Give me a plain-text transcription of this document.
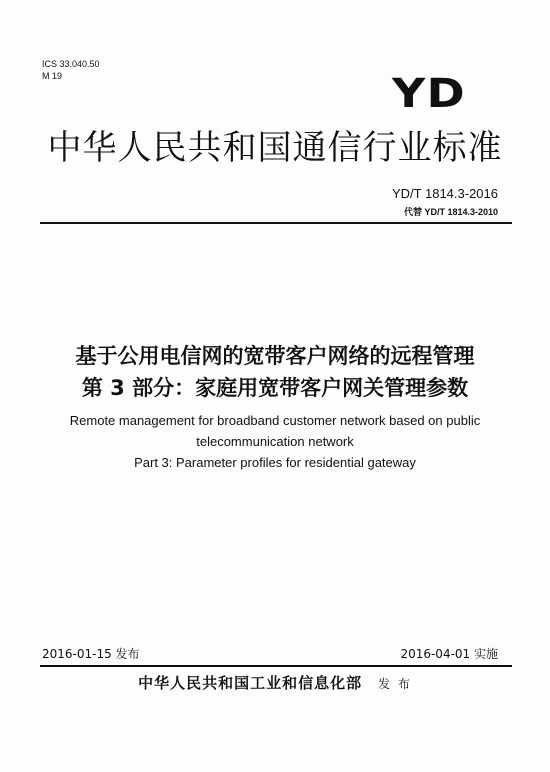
ICS 33.040.50
M 19	YD
中华人民共和国通信行业标准
YD/T 1814.3-2016
代替 YD/T 1814.3-2010
基于公用电信网的宽带客户网络的远程管理
第 3 部分：家庭用宽带客户网关管理参数
Remote management for broadband customer network based on public
telecommunication network
Part 3: Parameter profiles for residential gateway
2016-01-15 发布	2016-04-01 实施
中华人民共和国工业和信息化部 发 布
